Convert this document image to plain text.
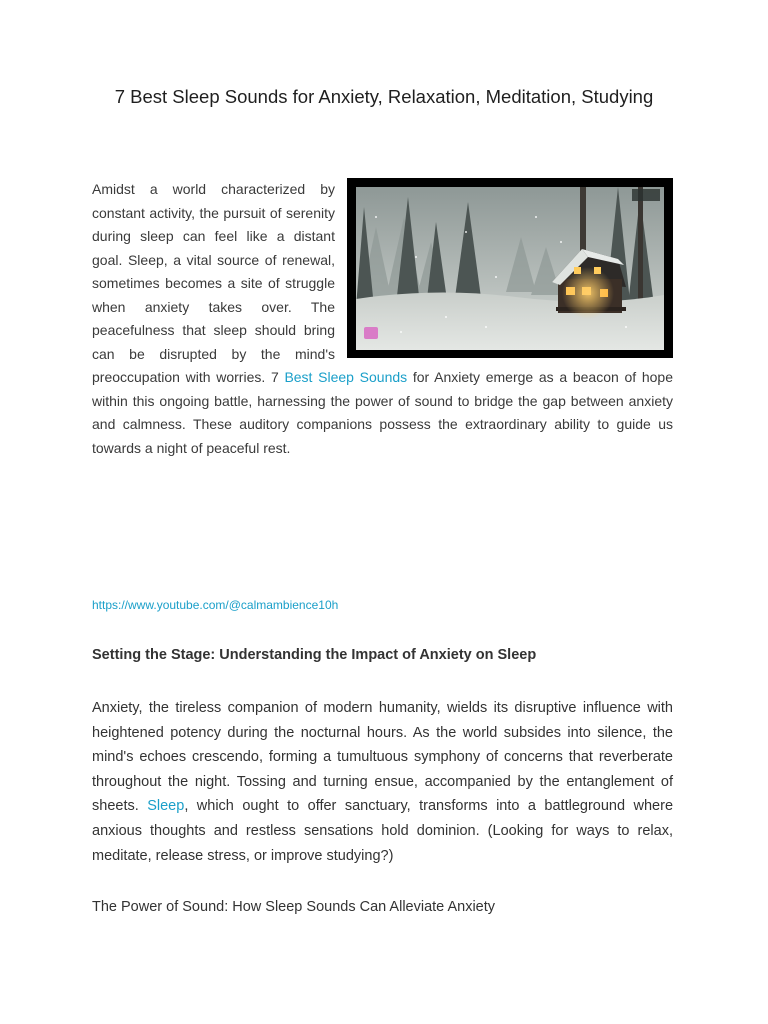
7 Best Sleep Sounds for Anxiety, Relaxation, Meditation, Studying

Amidst a world characterized by constant activity, the pursuit of serenity during sleep can feel like a distant goal. Sleep, a vital source of renewal, sometimes becomes a site of struggle when anxiety takes over. The peacefulness that sleep should bring can be disrupted by the mind's preoccupation with worries. 7 Best Sleep Sounds for Anxiety emerge as a beacon of hope within this ongoing battle, harnessing the power of sound to bridge the gap between anxiety and calmness. These auditory companions possess the extraordinary ability to guide us towards a night of peaceful rest.

https://www.youtube.com/@calmambience10h
Setting the Stage: Understanding the Impact of Anxiety on Sleep

Anxiety, the tireless companion of modern humanity, wields its disruptive influence with heightened potency during the nocturnal hours. As the world subsides into silence, the mind's echoes crescendo, forming a tumultuous symphony of concerns that reverberate throughout the night. Tossing and turning ensue, accompanied by the entanglement of sheets. Sleep, which ought to offer sanctuary, transforms into a battleground where anxious thoughts and restless sensations hold dominion. (Looking for ways to relax, meditate, release stress, or improve studying?)

The Power of Sound: How Sleep Sounds Can Alleviate Anxiety
